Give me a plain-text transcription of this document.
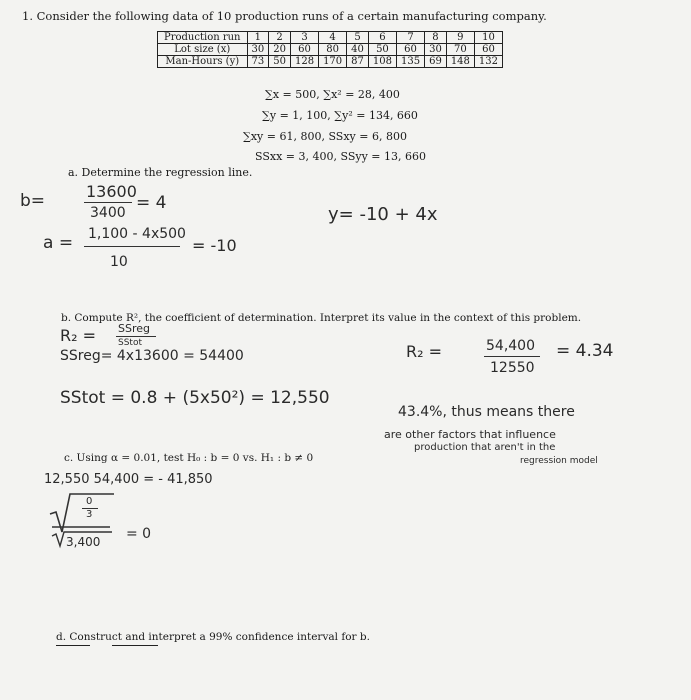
1. Consider the following data of 10 production runs of a certain manufacturing company.
Production run	1	2	3	4	5	6	7	8	9	10
Lot size (x)	30	20	60	80	40	50	60	30	70	60
Man-Hours (y)	73	50	128	170	87	108	135	69	148	132
∑x = 500, ∑x² = 28, 400
∑y = 1, 100, ∑y² = 134, 660
∑xy = 61, 800, SSxy = 6, 800
SSxx = 3, 400, SSyy = 13, 660
a. Determine the regression line.
b=	13600
3400 = 4
a = 1,100 - 4x500
10
= -10
y= -10 + 4x
b. Compute R², the coefficient of determination. Interpret its value in the context of this problem.
R₂ = SSreg
SStot
SSreg= 4x13600 = 54400
SStot = 0.8 + (5x50²) = 12,550
R₂ =	54,400
12550
= 4.34
43.4%, thus means there
are other factors that influence
production that aren't in the
regression model
c. Using α = 0.01, test H₀ : b = 0 vs. H₁ : b ≠ 0
12,550 54,400 = - 41,850
0
3
= 0
3,400
d. Construct and interpret a 99% confidence interval for b.
